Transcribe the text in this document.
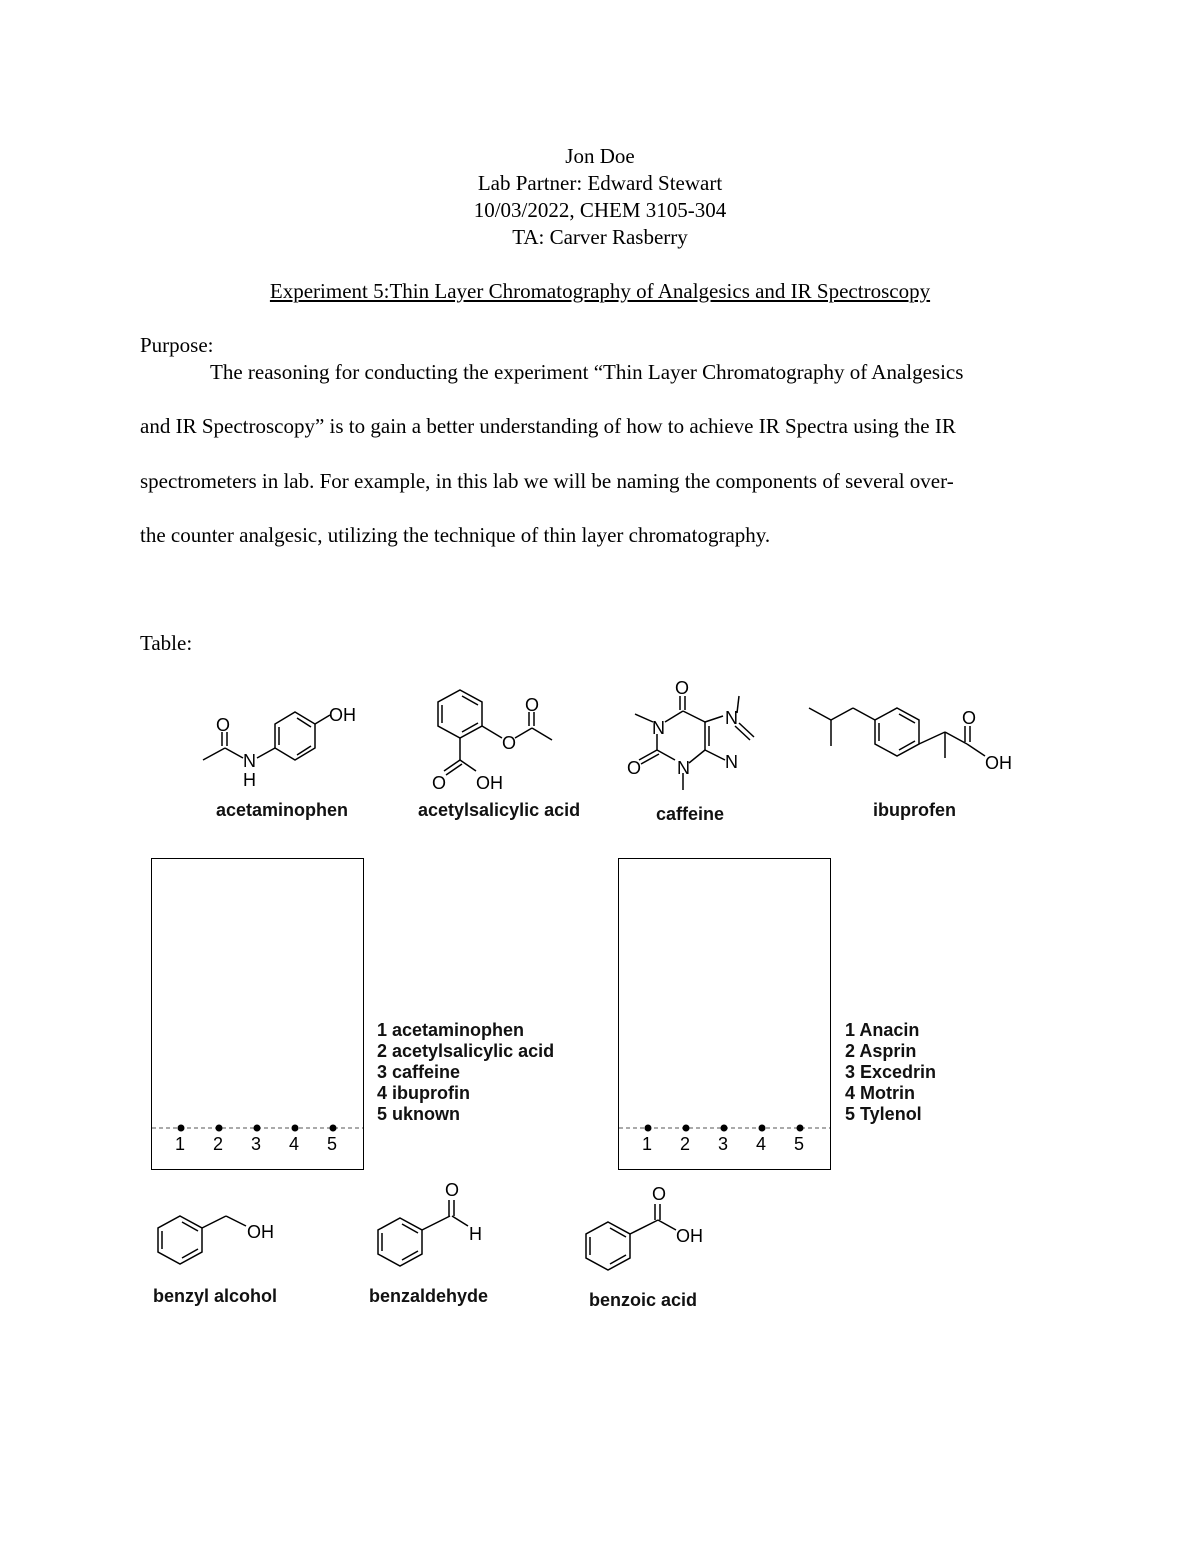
Jon Doe
Lab Partner: Edward Stewart
10/03/2022, CHEM 3105-304
TA: Carver Rasberry
Experiment 5:Thin Layer Chromatography of Analgesics and IR Spectroscopy
Purpose:
The reasoning for conducting the experiment “Thin Layer Chromatography of Analgesics
and IR Spectroscopy” is to gain a better understanding of how to achieve IR Spectra using the IR
spectrometers in lab. For example, in this lab we will be naming the components of several over-
the counter analgesic, utilizing the technique of thin layer chromatography.
Table:
O
N
H
OH
acetaminophen
O
O
O OH
acetylsalicylic acid
O
N
O N
N
N
caffeine
O
OH
ibuprofen
1 2 3 4 5
1 acetaminophen
2 acetylsalicylic acid
3 caffeine
4 ibuprofin
5 uknown
1 2 3 4 5
1 Anacin
2 Asprin
3 Excedrin
4 Motrin
5 Tylenol
OH
benzyl alcohol
O
H
benzaldehyde
O
OH
benzoic acid
